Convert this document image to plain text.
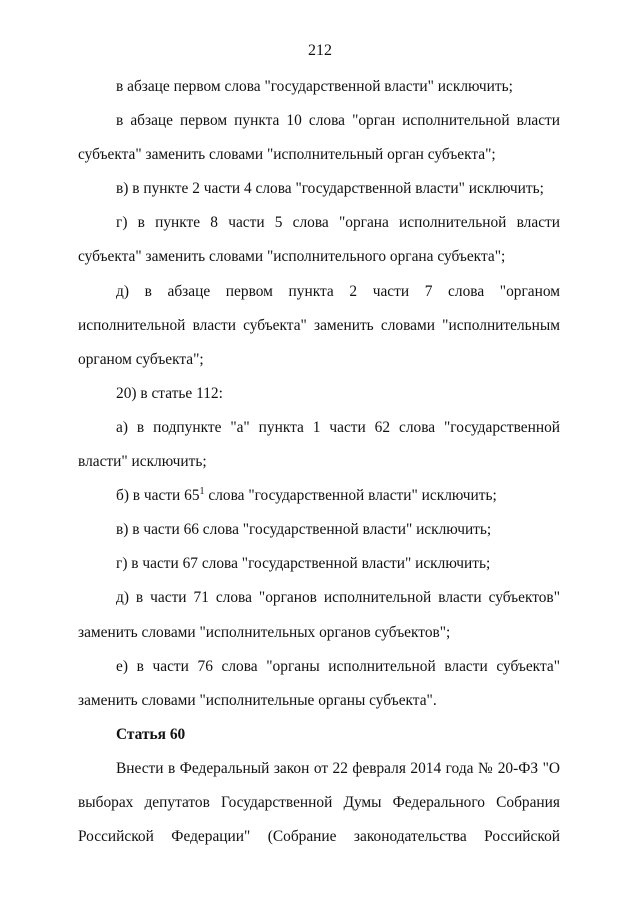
212

в абзаце первом слова "государственной власти" исключить;

в абзаце первом пункта 10 слова "орган исполнительной власти субъекта" заменить словами "исполнительный орган субъекта";

в) в пункте 2 части 4 слова "государственной власти" исключить;

г) в пункте 8 части 5 слова "органа исполнительной власти субъекта" заменить словами "исполнительного органа субъекта";

д) в абзаце первом пункта 2 части 7 слова "органом исполнительной власти субъекта" заменить словами "исполнительным органом субъекта";

20) в статье 112:

а) в подпункте "а" пункта 1 части 62 слова "государственной власти" исключить;

б) в части $65^1$ слова "государственной власти" исключить;

в) в части 66 слова "государственной власти" исключить;

г) в части 67 слова "государственной власти" исключить;

д) в части 71 слова "органов исполнительной власти субъектов" заменить словами "исполнительных органов субъектов";

е) в части 76 слова "органы исполнительной власти субъекта" заменить словами "исполнительные органы субъекта".

Статья 60

Внести в Федеральный закон от 22 февраля 2014 года № 20-ФЗ "О выборах депутатов Государственной Думы Федерального Собрания Российской Федерации" (Собрание законодательства Российской
